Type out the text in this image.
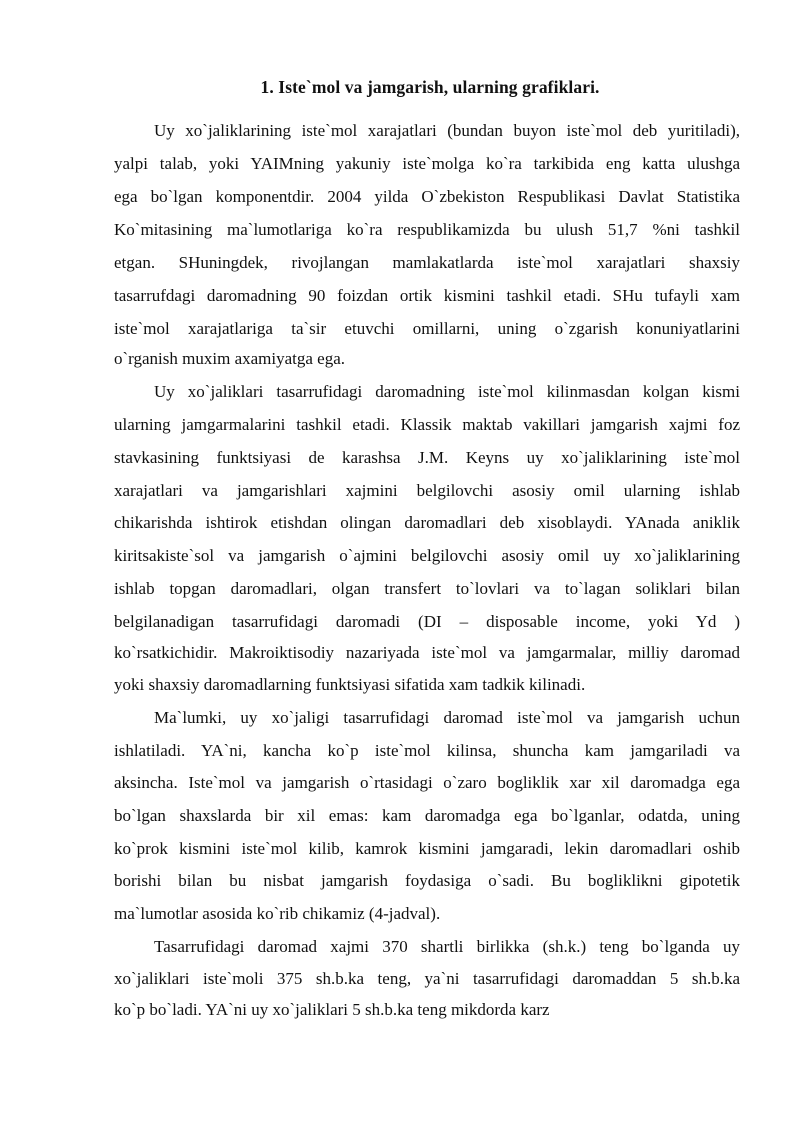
1. Iste`mol va jamgarish, ularning grafiklari.
Uy xo`jaliklarining iste`mol xarajatlari (bundan buyon iste`mol deb yuritiladi),
yalpi talab, yoki YAIMning yakuniy iste`molga ko`ra tarkibida eng katta ulushga
ega bo`lgan komponentdir. 2004 yilda O`zbekiston Respublikasi Davlat Statistika
Ko`mitasining ma`lumotlariga ko`ra respublikamizda bu ulush 51,7 %ni tashkil
etgan. SHuningdek, rivojlangan mamlakatlarda iste`mol xarajatlari shaxsiy
tasarrufdagi daromadning 90 foizdan ortik kismini tashkil etadi. SHu tufayli xam
iste`mol xarajatlariga ta`sir etuvchi omillarni, uning o`zgarish konuniyatlarini
o`rganish muxim axamiyatga ega.
Uy xo`jaliklari tasarrufidagi daromadning iste`mol kilinmasdan kolgan kismi
ularning jamgarmalarini tashkil etadi. Klassik maktab vakillari jamgarish xajmi foz
stavkasining funktsiyasi de karashsa J.M. Keyns uy xo`jaliklarining iste`mol
xarajatlari va jamgarishlari xajmini belgilovchi asosiy omil ularning ishlab
chikarishda ishtirok etishdan olingan daromadlari deb xisoblaydi. YAnada aniklik
kiritsakiste`sol va jamgarish o`ajmini belgilovchi asosiy omil uy xo`jaliklarining
ishlab topgan daromadlari, olgan transfert to`lovlari va to`lagan soliklari bilan
belgilanadigan tasarrufidagi daromadi (DI – disposable income, yoki Yd )
ko`rsatkichidir. Makroiktisodiy nazariyada iste`mol va jamgarmalar, milliy daromad
yoki shaxsiy daromadlarning funktsiyasi sifatida xam tadkik kilinadi.
Ma`lumki, uy xo`jaligi tasarrufidagi daromad iste`mol va jamgarish uchun
ishlatiladi. YA`ni, kancha ko`p iste`mol kilinsa, shuncha kam jamgariladi va
aksincha. Iste`mol va jamgarish o`rtasidagi o`zaro bogliklik xar xil daromadga ega
bo`lgan shaxslarda bir xil emas: kam daromadga ega bo`lganlar, odatda, uning
ko`prok kismini iste`mol kilib, kamrok kismini jamgaradi, lekin daromadlari oshib
borishi bilan bu nisbat jamgarish foydasiga o`sadi. Bu bogliklikni gipotetik
ma`lumotlar asosida ko`rib chikamiz (4-jadval).
Tasarrufidagi daromad xajmi 370 shartli birlikka (sh.k.) teng bo`lganda uy
xo`jaliklari iste`moli 375 sh.b.ka teng, ya`ni tasarrufidagi daromaddan 5 sh.b.ka
ko`p bo`ladi. YA`ni uy xo`jaliklari 5 sh.b.ka teng mikdorda karz
